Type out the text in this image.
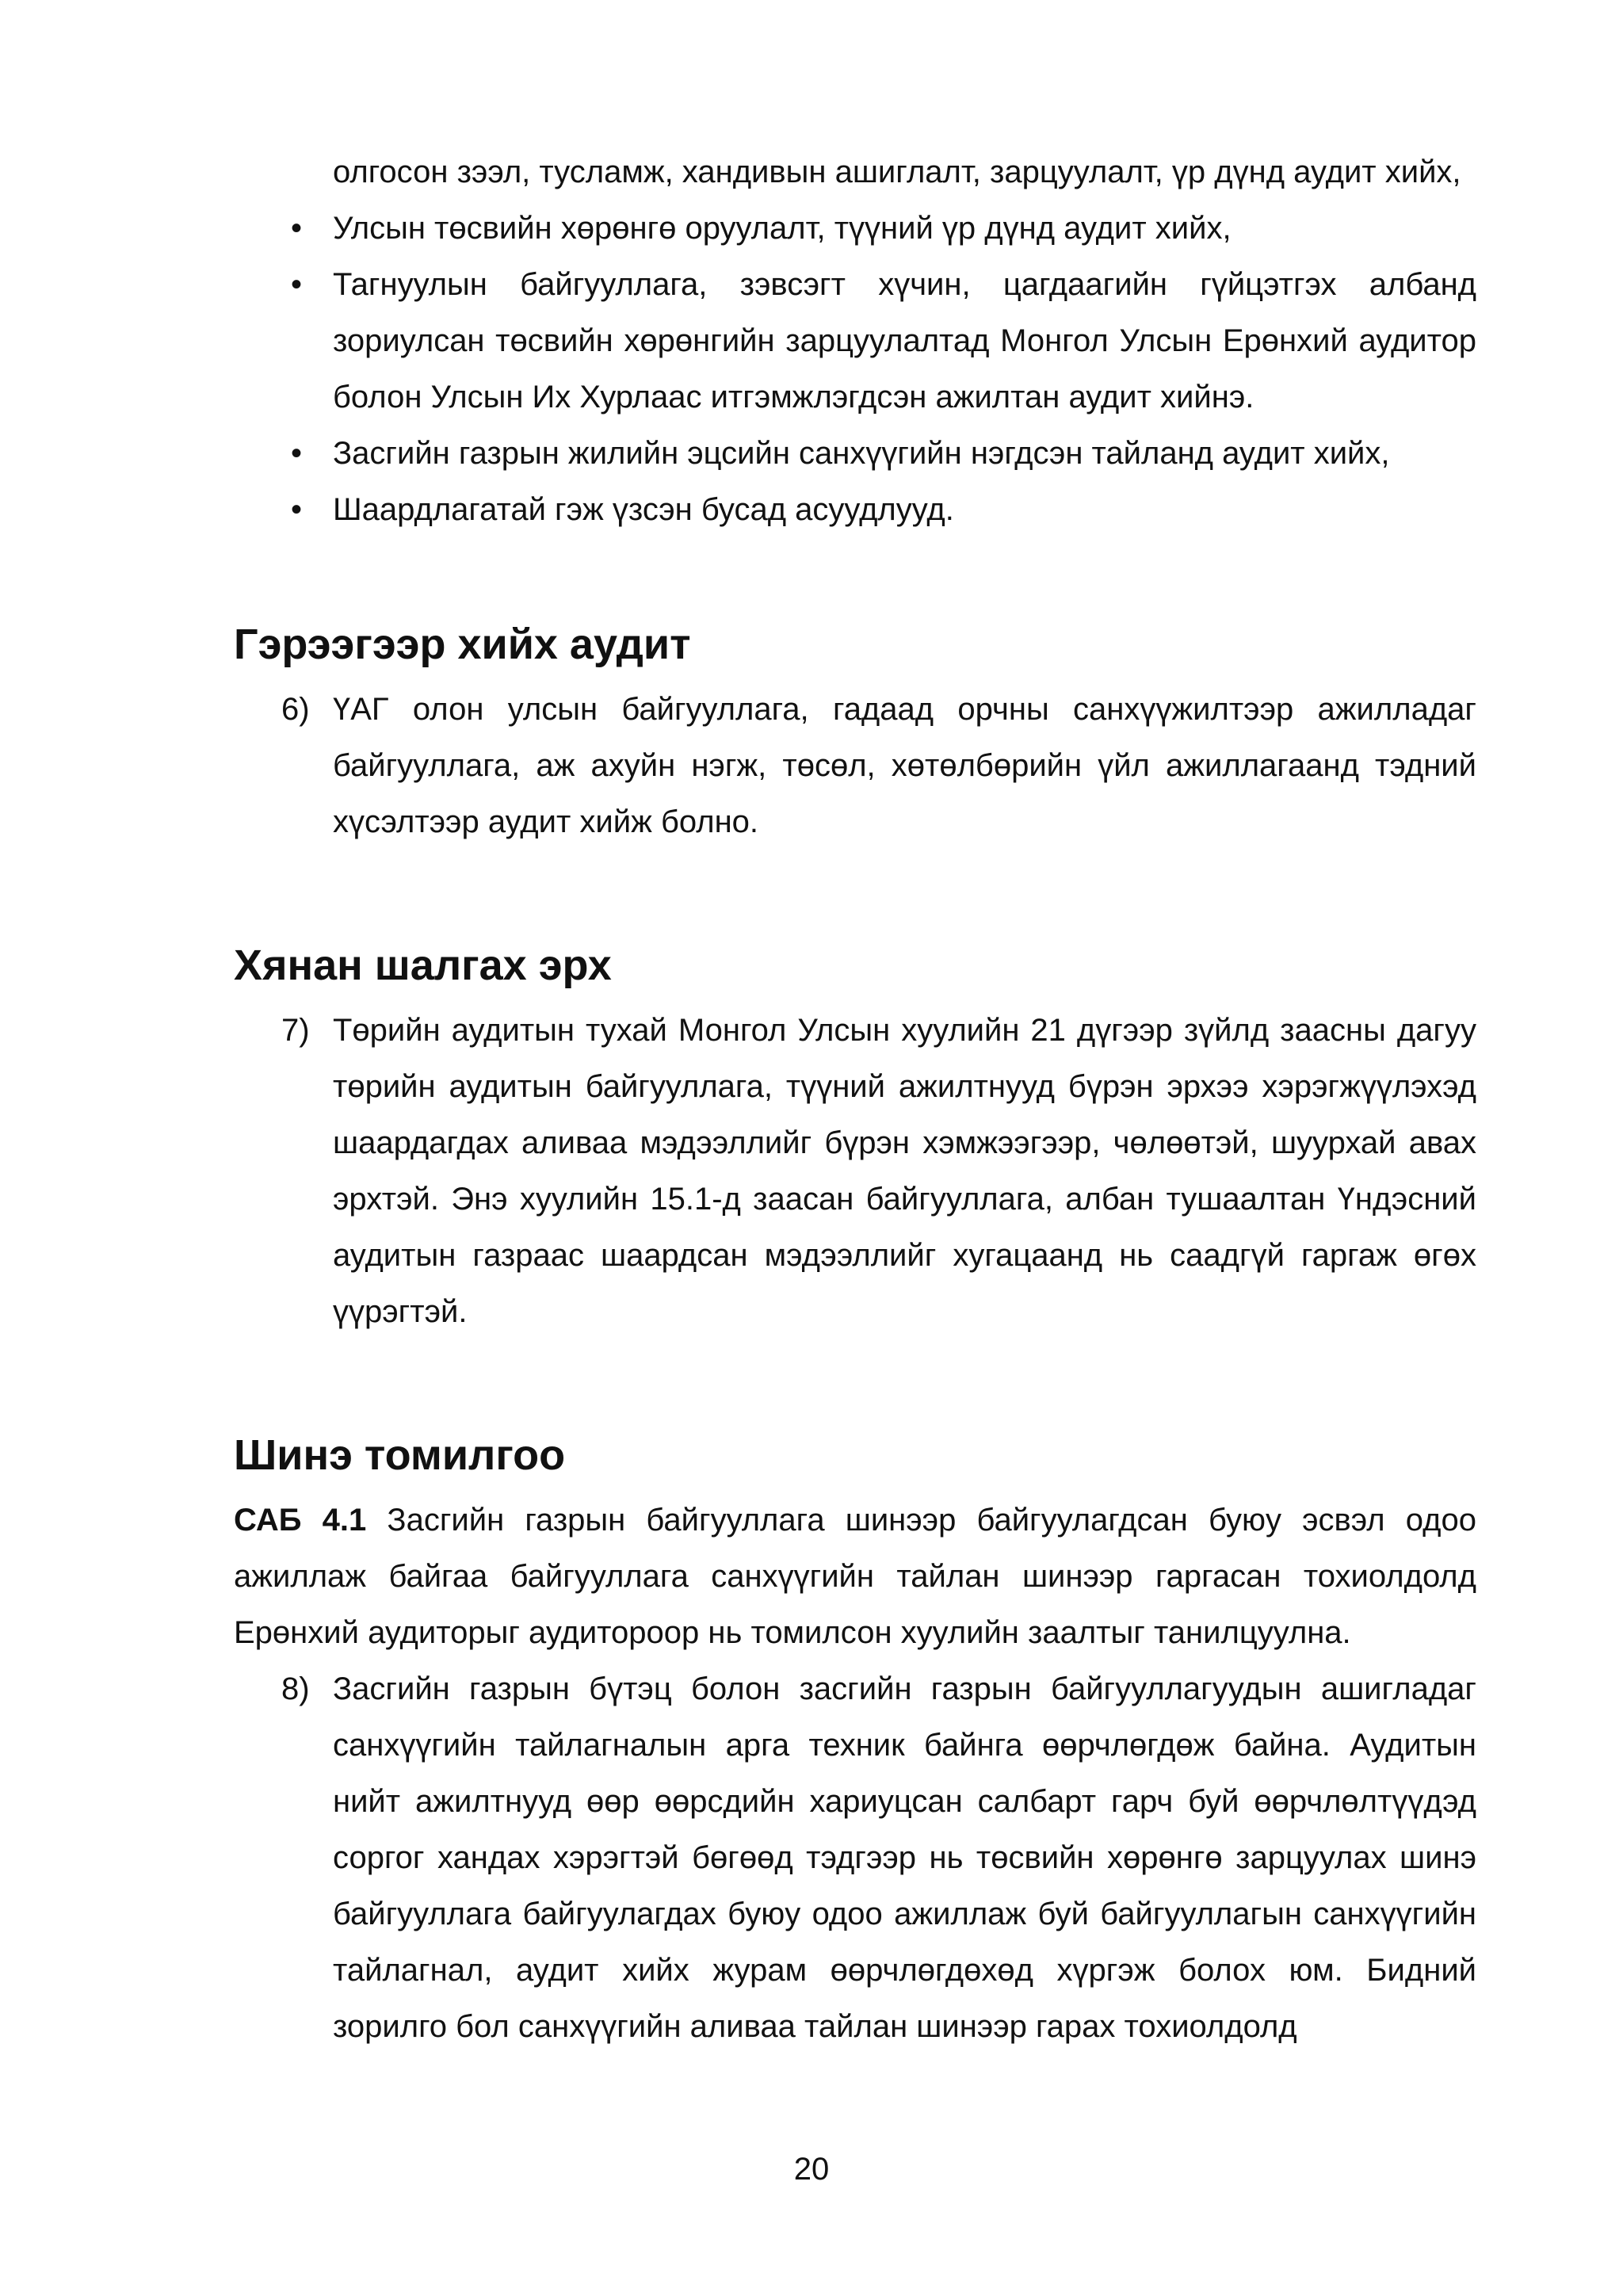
олгосон зээл, тусламж, хандивын ашиглалт, зарцуулалт, үр дүнд аудит хийх,

• Улсын төсвийн хөрөнгө оруулалт, түүний үр дүнд аудит хийх,
• Тагнуулын байгууллага, зэвсэгт хүчин, цагдаагийн гүйцэтгэх албанд зориулсан төсвийн хөрөнгийн зарцуулалтад Монгол Улсын Ерөнхий аудитор болон Улсын Их Хурлаас итгэмжлэгдсэн ажилтан аудит хийнэ.
• Засгийн газрын жилийн эцсийн санхүүгийн нэгдсэн тайланд аудит хийх,
• Шаардлагатай гэж үзсэн бусад асуудлууд.
Гэрээгээр хийх аудит
6) ҮАГ олон улсын байгууллага, гадаад орчны санхүүжилтээр ажилладаг байгууллага, аж ахуйн нэгж, төсөл, хөтөлбөрийн үйл ажиллагаанд тэдний хүсэлтээр аудит хийж болно.
Хянан шалгах эрх
7) Төрийн аудитын тухай Монгол Улсын хуулийн 21 дүгээр зүйлд заасны дагуу төрийн аудитын байгууллага, түүний ажилтнууд бүрэн эрхээ хэрэгжүүлэхэд шаардагдах аливаа мэдээллийг бүрэн хэмжээгээр, чөлөөтэй, шуурхай авах эрхтэй. Энэ хуулийн 15.1-д заасан байгууллага, албан тушаалтан Үндэсний аудитын газраас шаардсан мэдээллийг хугацаанд нь саадгүй гаргаж өгөх үүрэгтэй.
Шинэ томилгоо

САБ 4.1 Засгийн газрын байгууллага шинээр байгуулагдсан буюу эсвэл одоо ажиллаж байгаа байгууллага санхүүгийн тайлан шинээр гаргасан тохиолдолд Ерөнхий аудиторыг аудитороор нь томилсон хуулийн заалтыг танилцуулна.

8) Засгийн газрын бүтэц болон засгийн газрын байгууллагуудын ашигладаг санхүүгийн тайлагналын арга техник байнга өөрчлөгдөж байна. Аудитын нийт ажилтнууд өөр өөрсдийн хариуцсан салбарт гарч буй өөрчлөлтүүдэд соргог хандах хэрэгтэй бөгөөд тэдгээр нь төсвийн хөрөнгө зарцуулах шинэ байгууллага байгуулагдах буюу одоо ажиллаж буй байгууллагын санхүүгийн тайлагнал, аудит хийх журам өөрчлөгдөхөд хүргэж болох юм. Бидний зорилго бол санхүүгийн аливаа тайлан шинээр гарах тохиолдолд
20
